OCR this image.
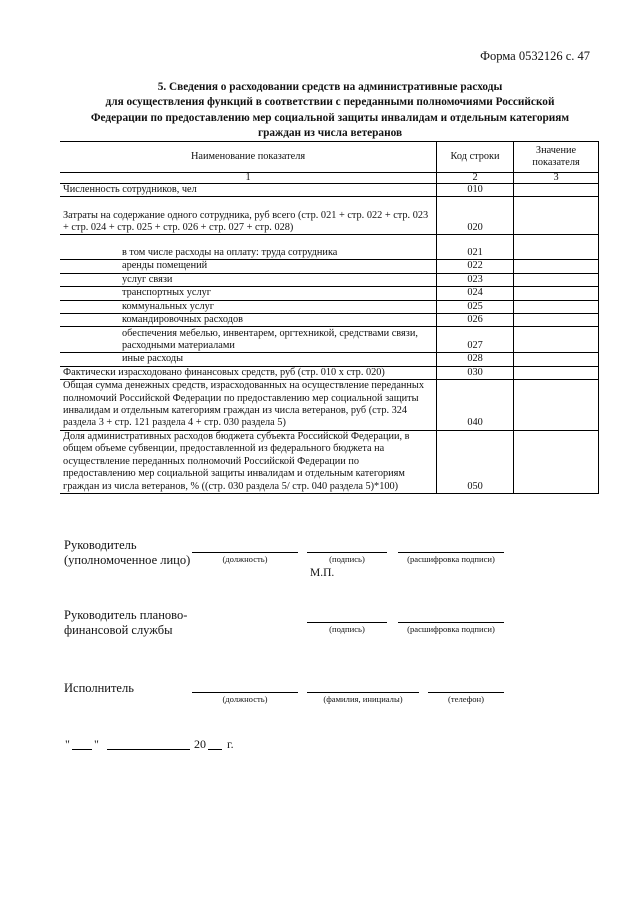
Форма 0532126 с. 47
5. Сведения о расходовании средств на административные расходы
для осуществления функций в соответствии с переданными полномочиями Российской
Федерации по предоставлению мер социальной защиты инвалидам и отдельным категориям
граждан из числа ветеранов
Наименование показателя	Код строки	Значение показателя
1	2	3
Численность сотрудников, чел	010	
Затраты на содержание одного сотрудника, руб всего (стр. 021 + стр. 022 + стр. 023 + стр. 024 + стр. 025 + стр. 026 + стр. 027 + стр. 028)	020	
в том числе расходы на оплату: труда сотрудника	021	
аренды помещений	022	
услуг связи	023	
транспортных услуг	024	
коммунальных услуг	025	
командировочных расходов	026	
обеспечения мебелью, инвентарем, оргтехникой, средствами связи, расходными материалами	027	
иные расходы	028	
Фактически израсходовано финансовых средств, руб (стр. 010 х стр. 020)	030	
Общая сумма денежных средств, израсходованных на осуществление переданных полномочий Российской Федерации по предоставлению мер социальной защиты инвалидам и отдельным категориям граждан из числа ветеранов, руб (стр. 324 раздела 3 + стр. 121 раздела 4 + стр. 030 раздела 5)	040	
Доля административных расходов бюджета субъекта Российской Федерации, в общем объеме субвенции, предоставленной из федерального бюджета на осуществление переданных полномочий Российской Федерации по предоставлению мер социальной защиты инвалидам и отдельным категориям граждан из числа ветеранов, % ((стр. 030 раздела 5/ стр. 040 раздела 5)*100)	050	
Руководитель
(уполномоченное лицо)	(должность)	(подпись)	(расшифровка подписи)
М.П.
Руководитель планово-
финансовой службы	(подпись)	(расшифровка подписи)
Исполнитель
(должность)	(фамилия, инициалы)	(телефон)
" "	20 г.
